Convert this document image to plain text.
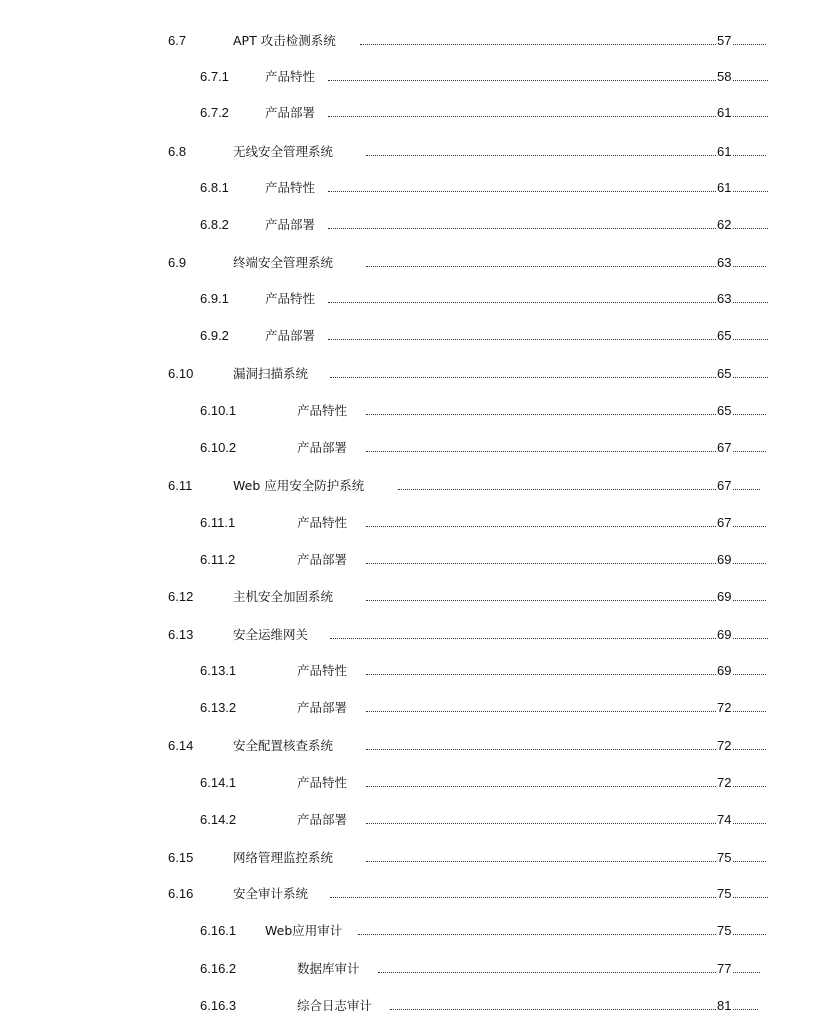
6.7	APT 攻击检测系统	57
6.7.1	产品特性	58
6.7.2	产品部署	61
6.8	无线安全管理系统	61
6.8.1	产品特性	61
6.8.2	产品部署	62
6.9	终端安全管理系统	63
6.9.1	产品特性	63
6.9.2	产品部署	65
6.10	漏洞扫描系统	65
6.10.1	产品特性	65
6.10.2	产品部署	67
6.11	Web 应用安全防护系统	67
6.11.1	产品特性	67
6.11.2	产品部署	69
6.12	主机安全加固系统	69
6.13	安全运维网关	69
6.13.1	产品特性	69
6.13.2	产品部署	72
6.14	安全配置核查系统	72
6.14.1	产品特性	72
6.14.2	产品部署	74
6.15	网络管理监控系统	75
6.16	安全审计系统	75
6.16.1 Web应用审计	75
6.16.2	数据库审计	77
6.16.3	综合日志审计	81
